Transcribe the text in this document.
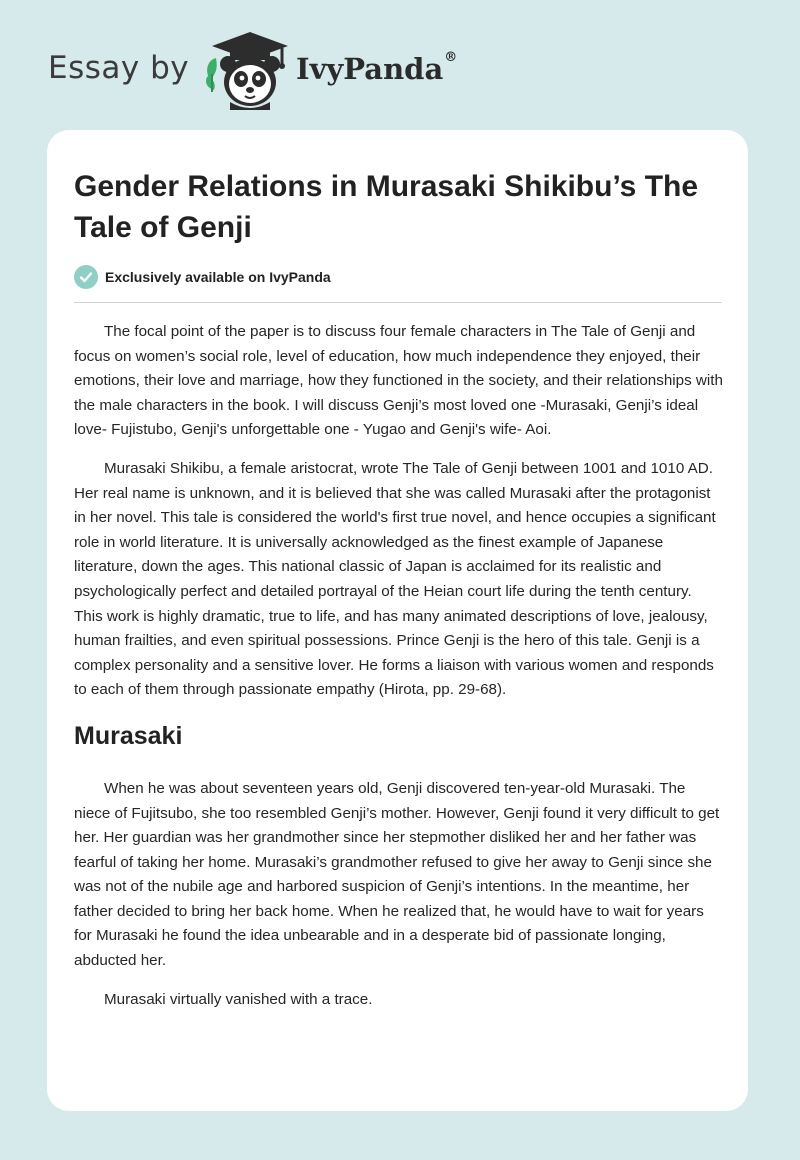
Essay by	IvyPanda®
Gender Relations in Murasaki Shikibu’s The Tale of Genji
Exclusively available on IvyPanda

The focal point of the paper is to discuss four female characters in The Tale of Genji and focus on women’s social role, level of education, how much independence they enjoyed, their emotions, their love and marriage, how they functioned in the society, and their relationships with the male characters in the book. I will discuss Genji’s most loved one -Murasaki, Genji’s ideal love- Fujistubo, Genji's unforgettable one - Yugao and Genji's wife- Aoi.

Murasaki Shikibu, a female aristocrat, wrote The Tale of Genji between 1001 and 1010 AD. Her real name is unknown, and it is believed that she was called Murasaki after the protagonist in her novel. This tale is considered the world's first true novel, and hence occupies a significant role in world literature. It is universally acknowledged as the finest example of Japanese literature, down the ages. This national classic of Japan is acclaimed for its realistic and psychologically perfect and detailed portrayal of the Heian court life during the tenth century. This work is highly dramatic, true to life, and has many animated descriptions of love, jealousy, human frailties, and even spiritual possessions. Prince Genji is the hero of this tale. Genji is a complex personality and a sensitive lover. He forms a liaison with various women and responds to each of them through passionate empathy (Hirota, pp. 29-68).

Murasaki

When he was about seventeen years old, Genji discovered ten-year-old Murasaki. The niece of Fujitsubo, she too resembled Genji’s mother. However, Genji found it very difficult to get her. Her guardian was her grandmother since her stepmother disliked her and her father was fearful of taking her home. Murasaki’s grandmother refused to give her away to Genji since she was not of the nubile age and harbored suspicion of Genji’s intentions. In the meantime, her father decided to bring her back home. When he realized that, he would have to wait for years for Murasaki he found the idea unbearable and in a desperate bid of passionate longing, abducted her.

Murasaki virtually vanished with a trace.
